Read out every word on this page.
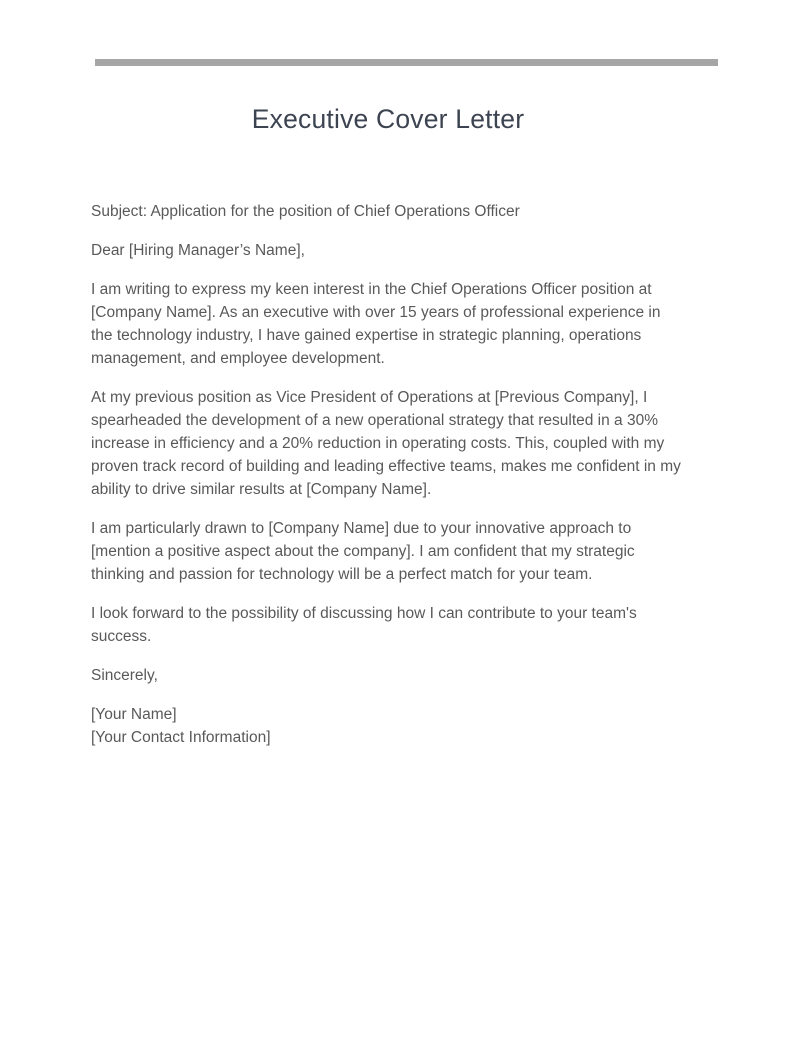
Executive Cover Letter

Subject: Application for the position of Chief Operations Officer

Dear [Hiring Manager’s Name],

I am writing to express my keen interest in the Chief Operations Officer position at [Company Name]. As an executive with over 15 years of professional experience in the technology industry, I have gained expertise in strategic planning, operations management, and employee development.

At my previous position as Vice President of Operations at [Previous Company], I spearheaded the development of a new operational strategy that resulted in a 30% increase in efficiency and a 20% reduction in operating costs. This, coupled with my proven track record of building and leading effective teams, makes me confident in my ability to drive similar results at [Company Name].

I am particularly drawn to [Company Name] due to your innovative approach to [mention a positive aspect about the company]. I am confident that my strategic thinking and passion for technology will be a perfect match for your team.

I look forward to the possibility of discussing how I can contribute to your team's success.

Sincerely,

[Your Name]
[Your Contact Information]
